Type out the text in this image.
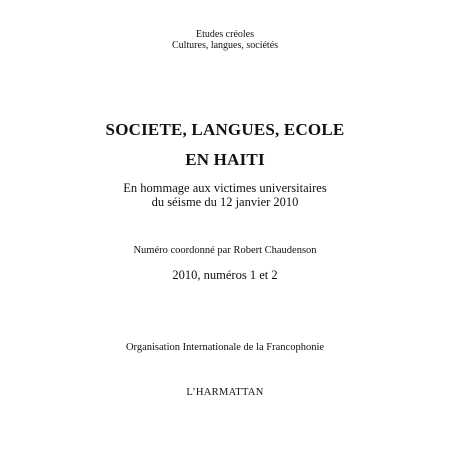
Etudes créoles
Cultures, langues, sociétés
SOCIETE, LANGUES, ECOLE
EN HAITI
En hommage aux victimes universitaires
du séisme du 12 janvier 2010
Numéro coordonné par Robert Chaudenson
2010, numéros 1 et 2
Organisation Internationale de la Francophonie
L’HARMATTAN
